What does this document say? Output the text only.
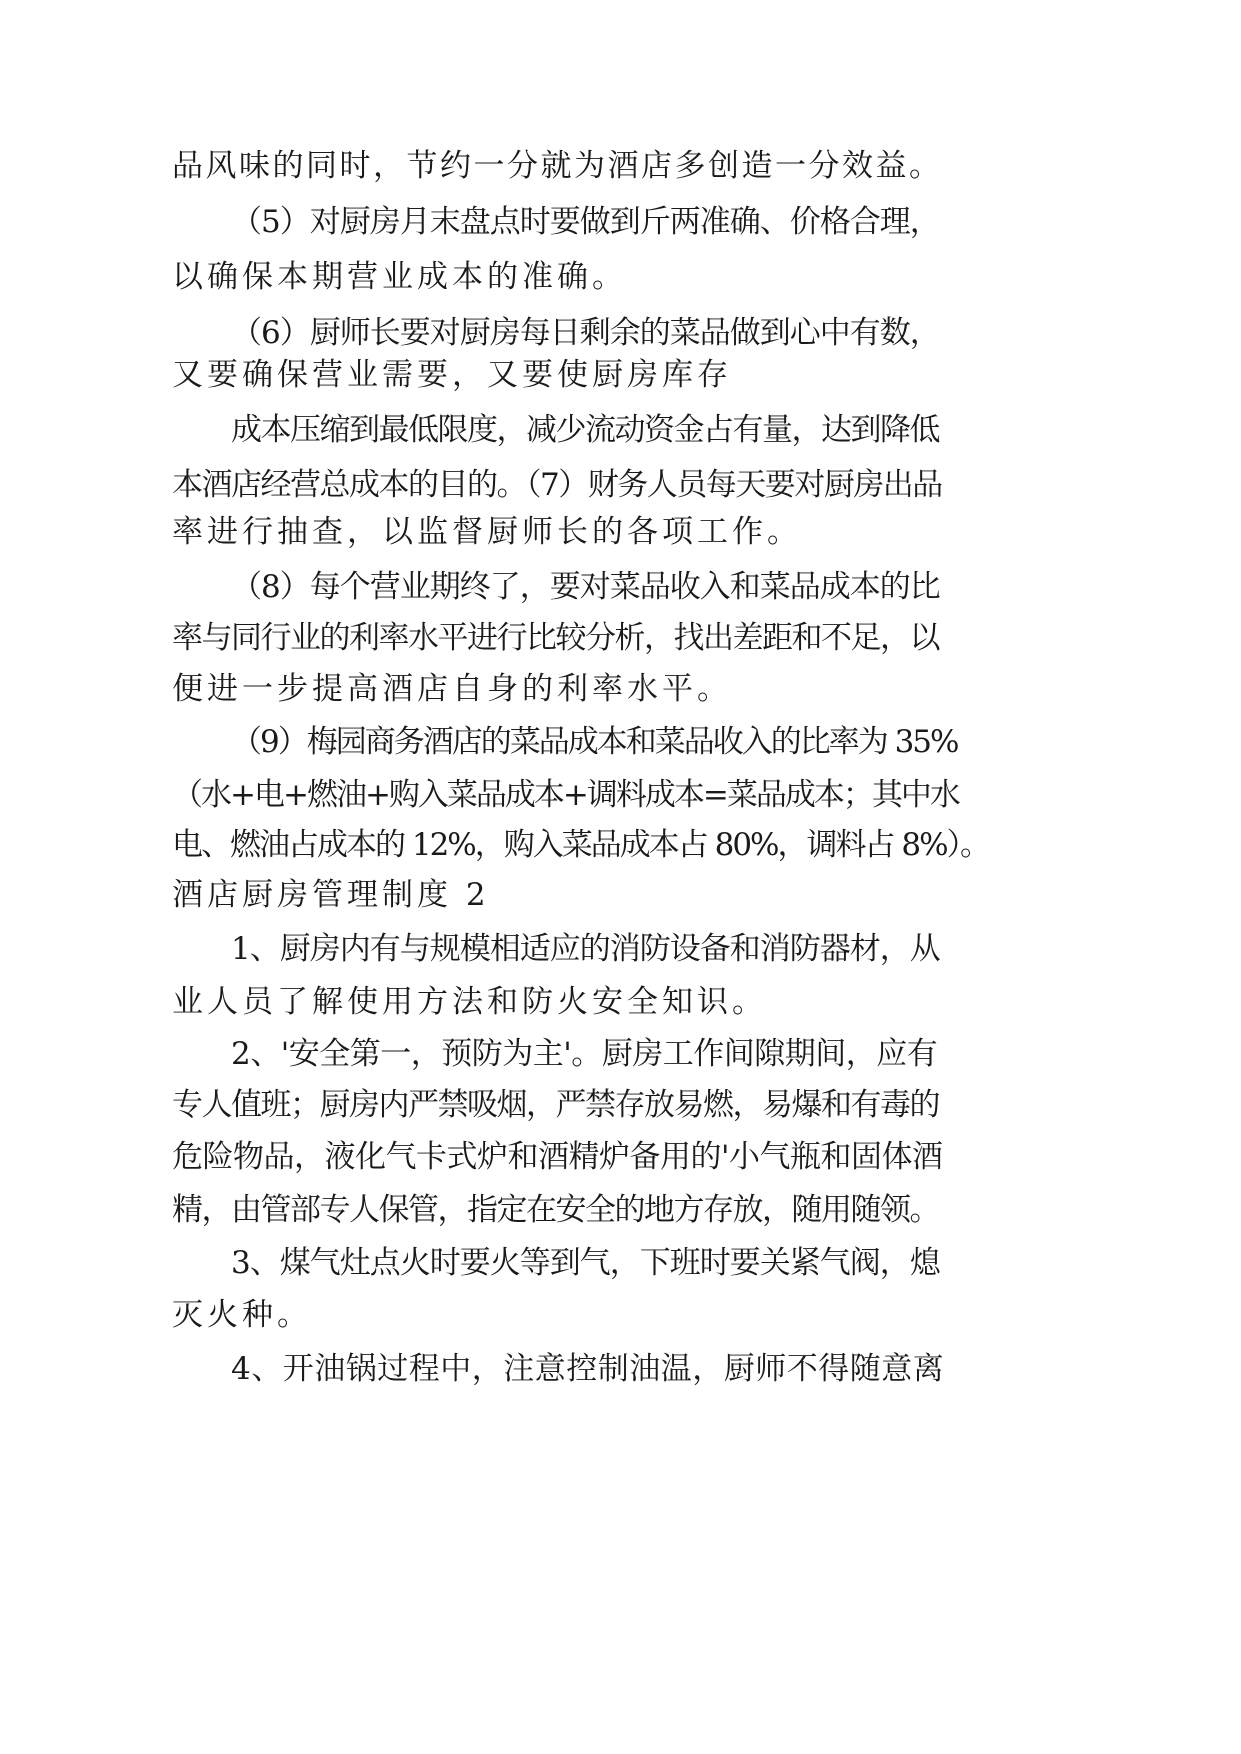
品风味的同时，节约一分就为酒店多创造一分效益。

（5）对厨房月末盘点时要做到斤两准确、价格合理，

以确保本期营业成本的准确。

（6）厨师长要对厨房每日剩余的菜品做到心中有数，

又要确保营业需要，又要使厨房库存

成本压缩到最低限度，减少流动资金占有量，达到降低

本酒店经营总成本的目的。（7）财务人员每天要对厨房出品

率进行抽查，以监督厨师长的各项工作。

（8）每个营业期终了，要对菜品收入和菜品成本的比

率与同行业的利率水平进行比较分析，找出差距和不足，以

便进一步提高酒店自身的利率水平。

（9）梅园商务酒店的菜品成本和菜品收入的比率为 35%

（水+电+燃油+购入菜品成本+调料成本=菜品成本；其中水

电、燃油占成本的 12%，购入菜品成本占 80%，调料占 8%）。

酒店厨房管理制度 2

1、厨房内有与规模相适应的消防设备和消防器材，从

业人员了解使用方法和防火安全知识。

2、'安全第一，预防为主'。厨房工作间隙期间，应有

专人值班；厨房内严禁吸烟，严禁存放易燃，易爆和有毒的

危险物品，液化气卡式炉和酒精炉备用的'小气瓶和固体酒

精，由管部专人保管，指定在安全的地方存放，随用随领。

3、煤气灶点火时要火等到气，下班时要关紧气阀，熄

灭火种。

4、开油锅过程中，注意控制油温，厨师不得随意离
